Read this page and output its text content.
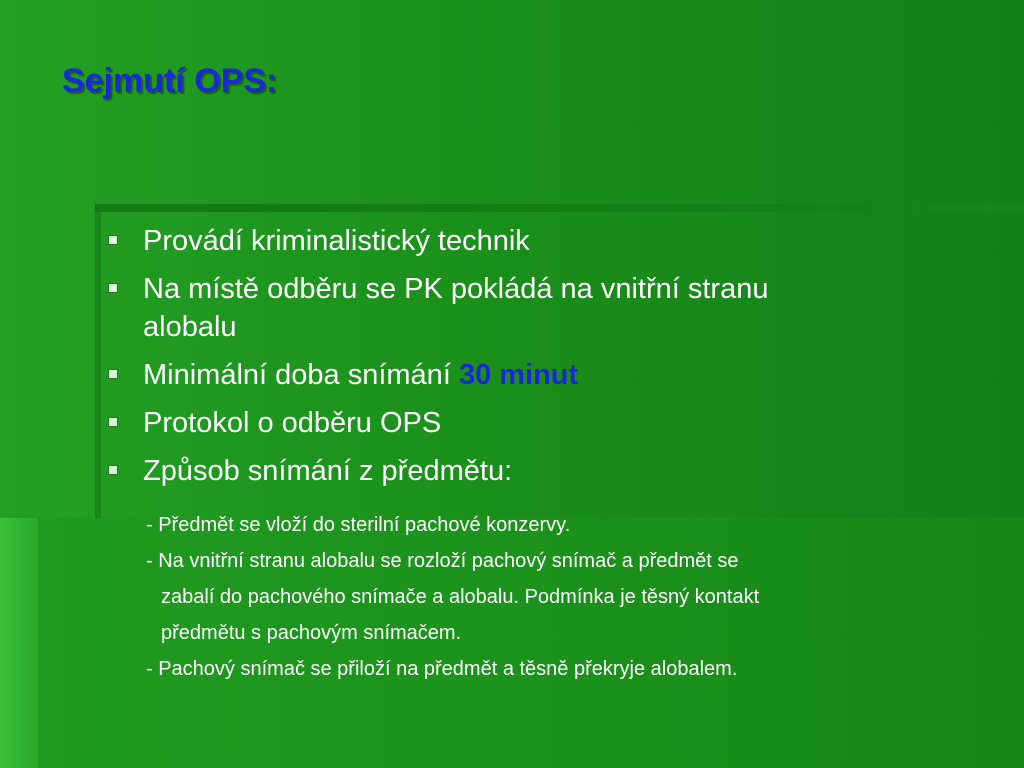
Sejmutí OPS:
Provádí kriminalistický technik
Na místě odběru se PK pokládá na vnitřní stranu
alobalu
Minimální doba snímání 30 minut
Protokol o odběru OPS
Způsob snímání z předmětu:
- Předmět se vloží do sterilní pachové konzervy.
- Na vnitřní stranu alobalu se rozloží pachový snímač a předmět se
zabalí do pachového snímače a alobalu. Podmínka je těsný kontakt
předmětu s pachovým snímačem.
- Pachový snímač se přiloží na předmět a těsně překryje alobalem.
